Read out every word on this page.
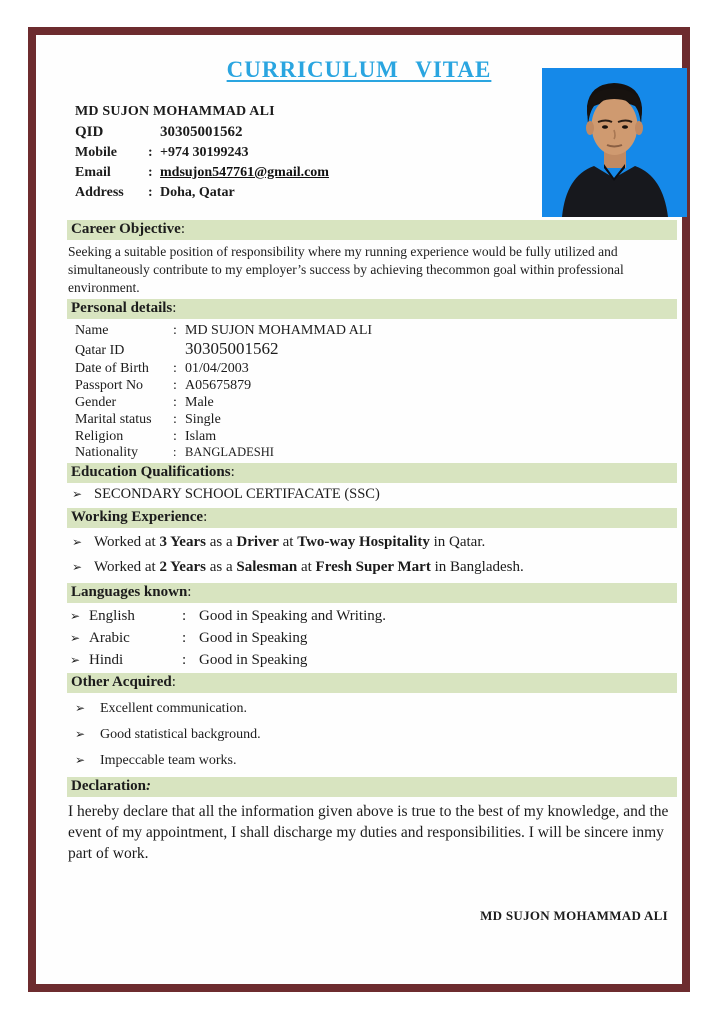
CURRICULUM VITAE
MD SUJON MOHAMMAD ALI
QID	30305001562
Mobile : +974 30199243
Email	: mdsujon547761@gmail.com
Address : Doha, Qatar
Career Objective:
Seeking a suitable position of responsibility where my running experience would be fully utilized and simultaneously contribute to my employer’s success by achieving thecommon goal within professional environment.
Personal details:
Name	: MD SUJON MOHAMMAD ALI
Qatar ID	30305001562
Date of Birth : 01/04/2003
Passport No : A05675879
Gender	: Male
Marital status : Single
Religion	: Islam
Nationality	: BANGLADESHI
Education Qualifications:
➢ SECONDARY SCHOOL CERTIFACATE (SSC)
Working Experience:
➢ Worked at 3 Years as a Driver at Two-way Hospitality in Qatar.
➢ Worked at 2 Years as a Salesman at Fresh Super Mart in Bangladesh.
Languages known:
➢ English	: Good in Speaking and Writing.
➢ Arabic	: Good in Speaking
➢ Hindi	: Good in Speaking
Other Acquired:
➢ Excellent communication.
➢ Good statistical background.
➢ Impeccable team works.
Declaration:
I hereby declare that all the information given above is true to the best of my knowledge, and the event of my appointment, I shall discharge my duties and responsibilities. I will be sincere inmy part of work.
MD SUJON MOHAMMAD ALI
